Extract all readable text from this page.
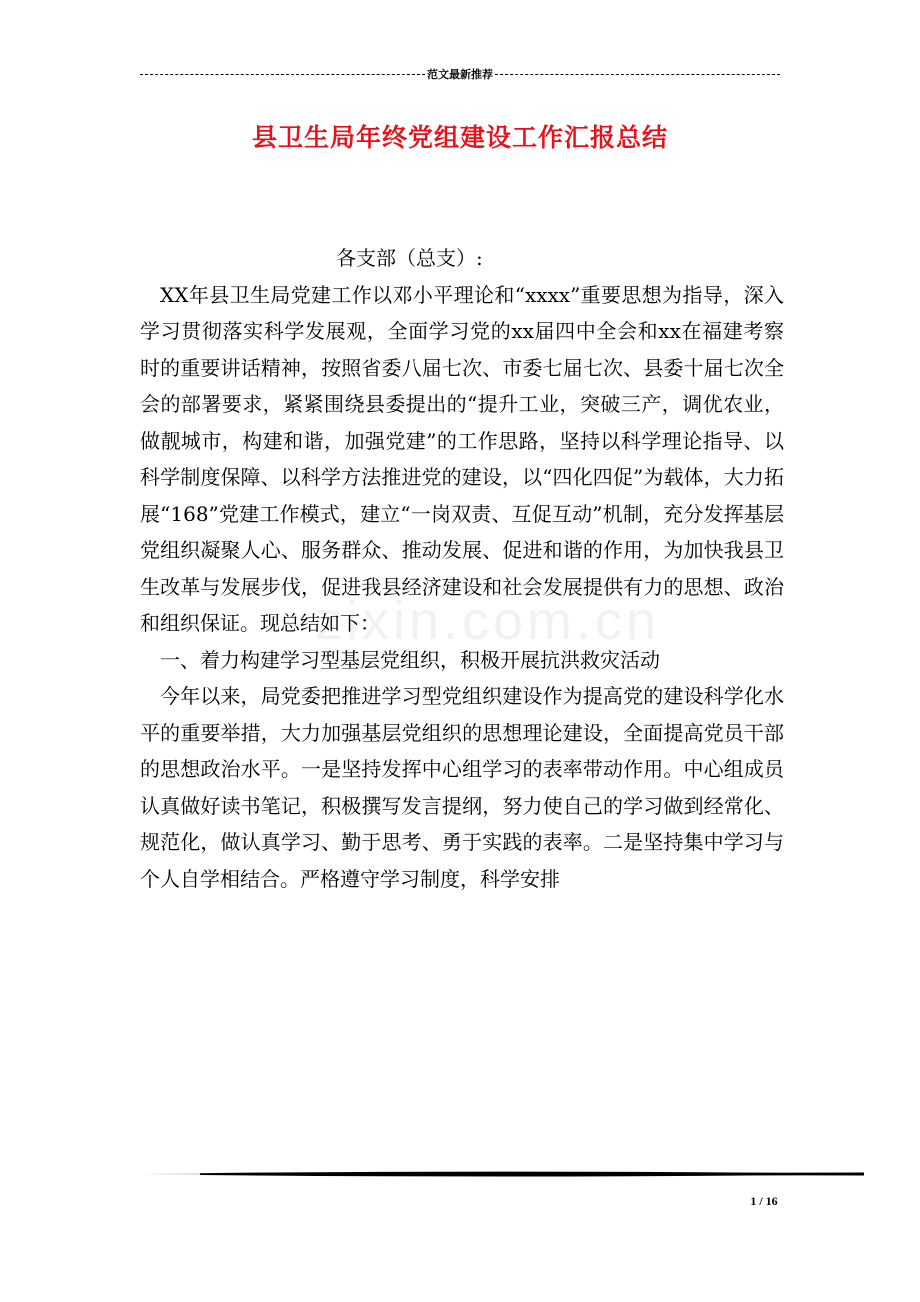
范文最新推荐
县卫生局年终党组建设工作汇报总结
zixin.com.cn

各支部（总支）:

XX年县卫生局党建工作以邓小平理论和“xxxx”重要思想为指导，深入学习贯彻落实科学发展观，全面学习党的xx届四中全会和xx在福建考察时的重要讲话精神，按照省委八届七次、市委七届七次、县委十届七次全会的部署要求，紧紧围绕县委提出的“提升工业，突破三产，调优农业，做靓城市，构建和谐，加强党建”的工作思路，坚持以科学理论指导、以科学制度保障、以科学方法推进党的建设，以“四化四促”为载体，大力拓展“168”党建工作模式，建立“一岗双责、互促互动”机制，充分发挥基层党组织凝聚人心、服务群众、推动发展、促进和谐的作用，为加快我县卫生改革与发展步伐，促进我县经济建设和社会发展提供有力的思想、政治和组织保证。现总结如下：

一、着力构建学习型基层党组织，积极开展抗洪救灾活动

今年以来，局党委把推进学习型党组织建设作为提高党的建设科学化水平的重要举措，大力加强基层党组织的思想理论建设，全面提高党员干部的思想政治水平。一是坚持发挥中心组学习的表率带动作用。中心组成员认真做好读书笔记，积极撰写发言提纲，努力使自己的学习做到经常化、规范化，做认真学习、勤于思考、勇于实践的表率。二是坚持集中学习与个人自学相结合。严格遵守学习制度，科学安排

1 / 16
